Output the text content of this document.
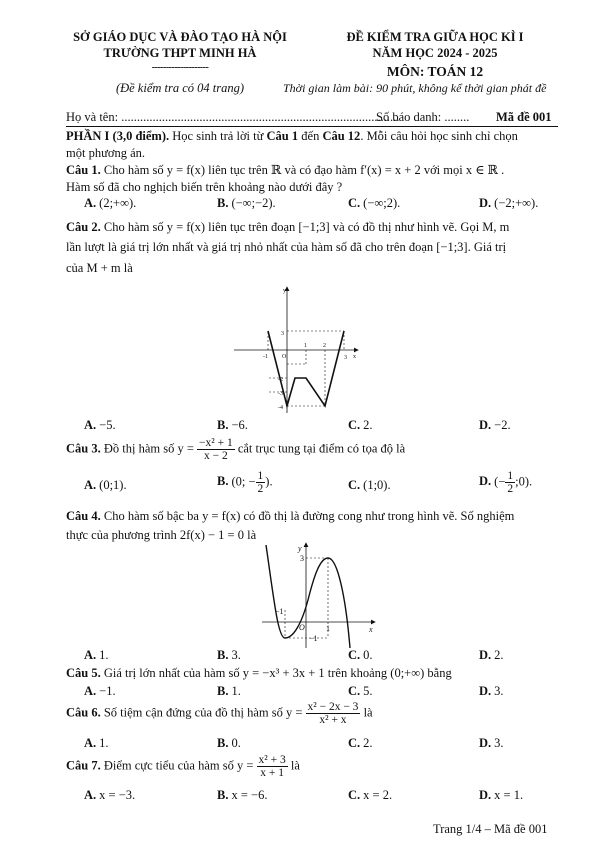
SỞ GIÁO DỤC VÀ ĐÀO TẠO HÀ NỘI
TRƯỜNG THPT MINH HÀ
--------------------
(Đề kiểm tra có 04 trang)
ĐỀ KIỂM TRA GIỮA HỌC KÌ I
NĂM HỌC 2024 - 2025
MÔN: TOÁN 12
Thời gian làm bài: 90 phút, không kể thời gian phát đề
Họ và tên: .........................................................................................
Số báo danh: ........ Mã đề 001
PHẦN I (3,0 điểm). Học sinh trả lời từ Câu 1 đến Câu 12. Mỗi câu hỏi học sinh chỉ chọn
một phương án.
Câu 1. Cho hàm số y = f(x) liên tục trên ℝ và có đạo hàm f′(x) = x + 2 với mọi x ∈ ℝ .
Hàm số đã cho nghịch biến trên khoảng nào dưới đây ?
A. (2;+∞).	B. (−∞;−2).	C. (−∞;2).	D. (−2;+∞).
Câu 2. Cho hàm số y = f(x) liên tục trên đoạn [−1;3] và có đồ thị như hình vẽ. Gọi M, m
lần lượt là giá trị lớn nhất và giá trị nhỏ nhất của hàm số đã cho trên đoạn [−1;3]. Giá trị
của M + m là
y
x
O
-1
1	2
3
3
-2
-3
-4
A. −5.	B. −6.	C. 2.	D. −2.
Câu 3. Đồ thị hàm số $y = \frac{\text{−x² + 1}}{x - 2}$ cắt trục tung tại điểm có tọa độ là
A. (0;1).	B. (0; − $\frac{1}{2}$ ).	C. (1;0).	D. (− $\frac{1}{2}$ ;0).
Câu 4. Cho hàm số bậc ba y = f(x) có đồ thị là đường cong như trong hình vẽ. Số nghiệm
thực của phương trình 2f(x) − 1 = 0 là
y
x
3
−1
O	1
−1
A. 1.	B. 3.	C. 0.	D. 2.
Câu 5. Giá trị lớn nhất của hàm số y = −x³ + 3x + 1 trên khoảng (0;+∞) bằng
A. −1.	B. 1.	C. 5.	D. 3.
Câu 6. Số tiệm cận đứng của đồ thị hàm số $y = \frac{\text{x² − 2x − 3}}{\text{x² + x}}$ là
A. 1.	B. 0.	C. 2.	D. 3.
Câu 7. Điểm cực tiểu của hàm số $y = \frac{\text{x² + 3}}{x + 1}$ là
A. x = −3.	B. x = −6.	C. x = 2.	D. x = 1.
Trang 1/4 – Mã đề 001
